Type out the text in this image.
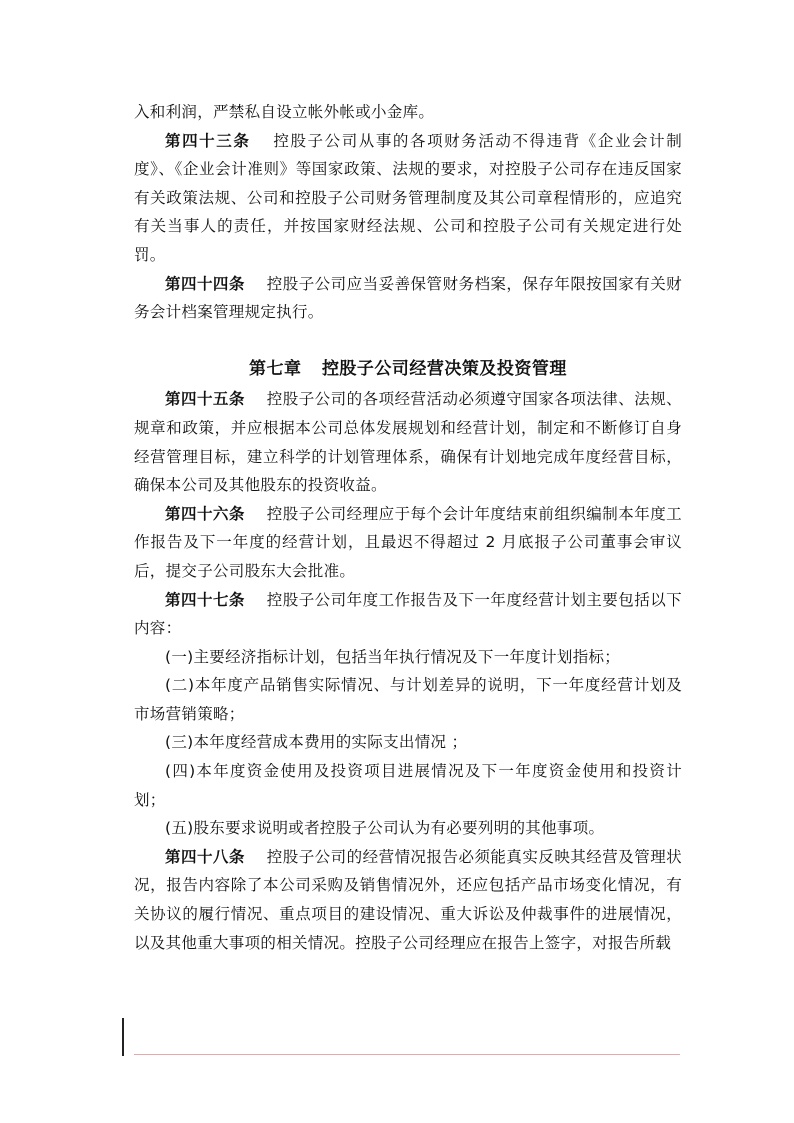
入和利润，严禁私自设立帐外帐或小金库。

第四十三条 控股子公司从事的各项财务活动不得违背《企业会计制度》、《企业会计准则》等国家政策、法规的要求，对控股子公司存在违反国家有关政策法规、公司和控股子公司财务管理制度及其公司章程情形的，应追究有关当事人的责任，并按国家财经法规、公司和控股子公司有关规定进行处罚。

第四十四条 控股子公司应当妥善保管财务档案，保存年限按国家有关财务会计档案管理规定执行。

第七章 控股子公司经营决策及投资管理

第四十五条 控股子公司的各项经营活动必须遵守国家各项法律、法规、规章和政策，并应根据本公司总体发展规划和经营计划，制定和不断修订自身经营管理目标，建立科学的计划管理体系，确保有计划地完成年度经营目标，确保本公司及其他股东的投资收益。

第四十六条 控股子公司经理应于每个会计年度结束前组织编制本年度工作报告及下一年度的经营计划，且最迟不得超过 2 月底报子公司董事会审议后，提交子公司股东大会批准。

第四十七条 控股子公司年度工作报告及下一年度经营计划主要包括以下内容：

(一)主要经济指标计划，包括当年执行情况及下一年度计划指标；

(二)本年度产品销售实际情况、与计划差异的说明，下一年度经营计划及市场营销策略；

(三)本年度经营成本费用的实际支出情况 ；

(四)本年度资金使用及投资项目进展情况及下一年度资金使用和投资计划；

(五)股东要求说明或者控股子公司认为有必要列明的其他事项。

第四十八条 控股子公司的经营情况报告必须能真实反映其经营及管理状况，报告内容除了本公司采购及销售情况外，还应包括产品市场变化情况，有关协议的履行情况、重点项目的建设情况、重大诉讼及仲裁事件的进展情况，以及其他重大事项的相关情况。控股子公司经理应在报告上签字，对报告所载
